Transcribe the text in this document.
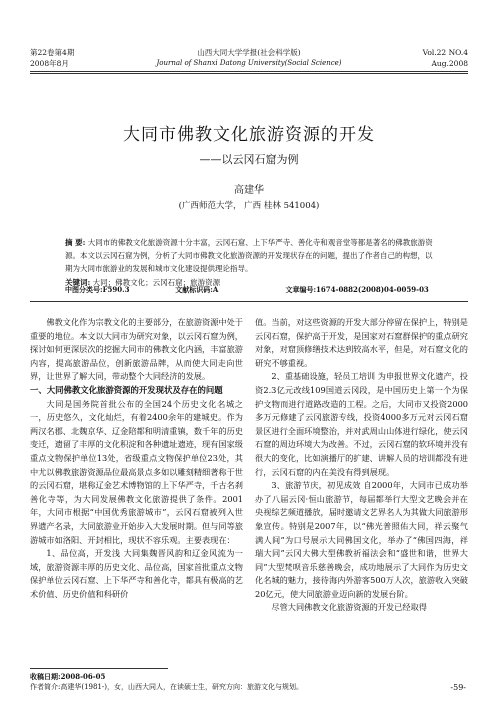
第22卷第4期
2008年8月
山西大同大学学报(社会科学版)
Journal of Shanxi Datong University(Social Science)
Vol.22 NO.4
Aug.2008
大同市佛教文化旅游资源的开发
——以云冈石窟为例
高建华
(广西师范大学， 广西 桂林 541004)
摘 要: 大同市的佛教文化旅游资源十分丰富，云冈石窟、上下华严寺、善化寺和观音堂等都是著名的佛教旅游资源。本文以云冈石窟为例，分析了大同市佛教文化旅游资源的开发现状存在的问题，提出了作者自己的构想，以期为大同市旅游业的发展和城市文化建设提供理论指导。
关键词: 大同；佛教文化；云冈石窟；旅游资源
中图分类号:F590.3	文献标识码:A	文章编号:1674-0882(2008)04-0059-03

佛教文化作为宗教文化的主要部分，在旅游资源中处于重要的地位。本文以大同市为研究对象，以云冈石窟为例，探讨如何更深层次的挖掘大同市的佛教文化内涵，丰富旅游内容，提高旅游品位，创新旅游品牌，从而使大同走向世界，让世界了解大同，带动整个大同经济的发展。

一、大同佛教文化旅游资源的开发现状及存在的问题

大同是国务院首批公布的全国24个历史文化名城之一，历史悠久，文化灿烂，有着2400余年的建城史。作为两汉名郡、北魏京华、辽金陪都和明清重镇，数千年的历史变迁，遗留了丰厚的文化积淀和各种遗址遗迹，现有国家级重点文物保护单位13处，省级重点文物保护单位23处，其中尤以佛教旅游资源品位最高景点多如以雕刻精细著称于世的云冈石窟，堪称辽金艺术博物馆的上下华严寺，千古名刹善化寺等，为大同发展佛教文化旅游提供了条件。2001年，大同市根据“中国优秀旅游城市”，云冈石窟被列入世界遗产名录，大同旅游业开始步入大发展时期。但与同等旅游城市如洛阳、开封相比，现状不容乐观。主要表现在：

1、品位高，开发浅 大同集魏晋风韵和辽金风流为一域，旅游资源丰厚的历史文化、品位高，国家首批重点文物保护单位云冈石窟、上下华严寺和善化寺，都具有极高的艺术价值、历史价值和科研价

值。当前，对这些资源的开发大部分停留在保护上，特别是云冈石窟，保护高于开发，是国家对石窟群保护的重点研究对象，对窟顶修缮技术达到较高水平，但是，对石窟文化的研究不够重视。

2、重基础设施，轻员工培训 为申报世界文化遗产，投资2.3亿元改线109国道云冈段，是中国历史上第一个为保护文物而进行道路改造的工程。之后，大同市又投资2000多万元修建了云冈旅游专线，投资4000多万元对云冈石窟景区进行全面环境整治，并对武周山山体进行绿化，使云冈石窟的周边环境大为改善。不过，云冈石窟的软环境并没有很大的变化，比如演播厅的扩建、讲解人员的培训都没有进行，云冈石窟的内在美没有得到展现。

3、旅游节庆，初见成效 自2000年，大同市已成功举办了八届云冈·恒山旅游节，每届都举行大型文艺晚会并在央视综艺频道播放，届时邀请文艺界名人为其做大同旅游形象宣传。特别是2007年，以“佛光普照佑大同，祥云聚气满人间”为口号展示大同佛国文化，举办了“佛国四海，祥瑞大同”云冈大佛大型佛教祈福法会和“盛世和谐，世界大同”大型梵呗音乐慈善晚会，成功地展示了大同作为历史文化名城的魅力，接待海内外游客500万人次，旅游收入突破20亿元，使大同旅游业迈向新的发展台阶。

尽管大同佛教文化旅游资源的开发已经取得

收稿日期:2008-06-05
作者简介:高建华(1981-)，女，山西大同人，在读硕士生，研究方向：旅游文化与规划。	-59-
